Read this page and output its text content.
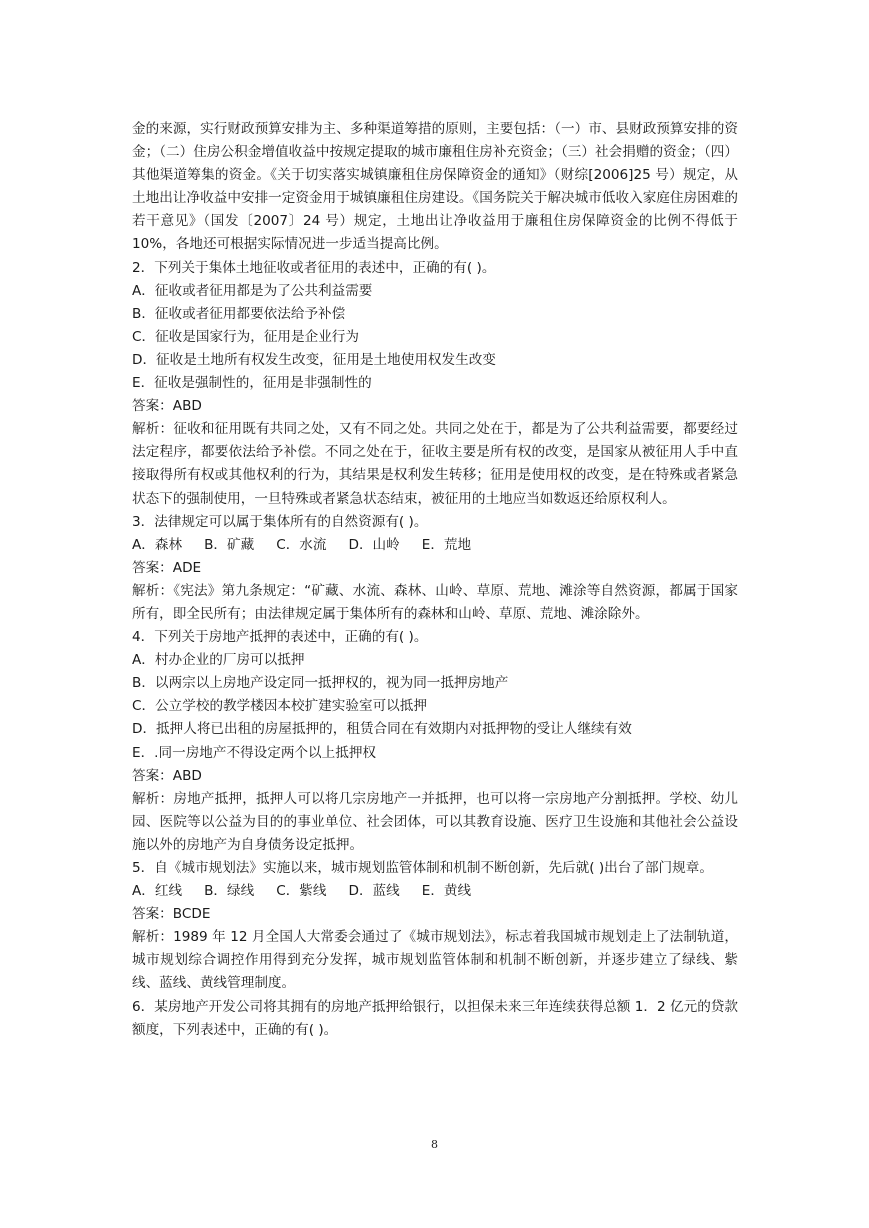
金的来源，实行财政预算安排为主、多种渠道筹措的原则，主要包括：（一）市、县财政预算安排的资金；（二）住房公积金增值收益中按规定提取的城市廉租住房补充资金；（三）社会捐赠的资金；（四）其他渠道筹集的资金。《关于切实落实城镇廉租住房保障资金的通知》（财综[2006]25 号）规定，从土地出让净收益中安排一定资金用于城镇廉租住房建设。《国务院关于解决城市低收入家庭住房困难的若干意见》（国发〔2007〕24 号）规定，土地出让净收益用于廉租住房保障资金的比例不得低于 10%，各地还可根据实际情况进一步适当提高比例。

2．下列关于集体土地征收或者征用的表述中，正确的有( )。

A．征收或者征用都是为了公共利益需要

B．征收或者征用都要依法给予补偿

C．征收是国家行为，征用是企业行为

D．征收是土地所有权发生改变，征用是土地使用权发生改变

E．征收是强制性的，征用是非强制性的

答案：ABD

解析：征收和征用既有共同之处，又有不同之处。共同之处在于，都是为了公共利益需要，都要经过法定程序，都要依法给予补偿。不同之处在于，征收主要是所有权的改变，是国家从被征用人手中直接取得所有权或其他权利的行为，其结果是权利发生转移；征用是使用权的改变，是在特殊或者紧急状态下的强制使用，一旦特殊或者紧急状态结束，被征用的土地应当如数返还给原权利人。

3．法律规定可以属于集体所有的自然资源有( )。

A．森林 B．矿藏 C．水流 D．山岭 E．荒地

答案：ADE

解析：《宪法》第九条规定：“矿藏、水流、森林、山岭、草原、荒地、滩涂等自然资源，都属于国家所有，即全民所有；由法律规定属于集体所有的森林和山岭、草原、荒地、滩涂除外。

4．下列关于房地产抵押的表述中，正确的有( )。

A．村办企业的厂房可以抵押

B．以两宗以上房地产设定同一抵押权的，视为同一抵押房地产

C．公立学校的教学楼因本校扩建实验室可以抵押

D．抵押人将已出租的房屋抵押的，租赁合同在有效期内对抵押物的受让人继续有效

E．.同一房地产不得设定两个以上抵押权

答案：ABD

解析：房地产抵押，抵押人可以将几宗房地产一并抵押，也可以将一宗房地产分割抵押。学校、幼儿园、医院等以公益为目的的事业单位、社会团体，可以其教育设施、医疗卫生设施和其他社会公益设施以外的房地产为自身债务设定抵押。

5．自《城市规划法》实施以来，城市规划监管体制和机制不断创新，先后就( )出台了部门规章。

A．红线 B．绿线 C．紫线 D．蓝线 E．黄线

答案：BCDE

解析：1989 年 12 月全国人大常委会通过了《城市规划法》，标志着我国城市规划走上了法制轨道，城市规划综合调控作用得到充分发挥，城市规划监管体制和机制不断创新，并逐步建立了绿线、紫线、蓝线、黄线管理制度。

6．某房地产开发公司将其拥有的房地产抵押给银行，以担保未来三年连续获得总额 1．2 亿元的贷款额度，下列表述中，正确的有( )。

8
